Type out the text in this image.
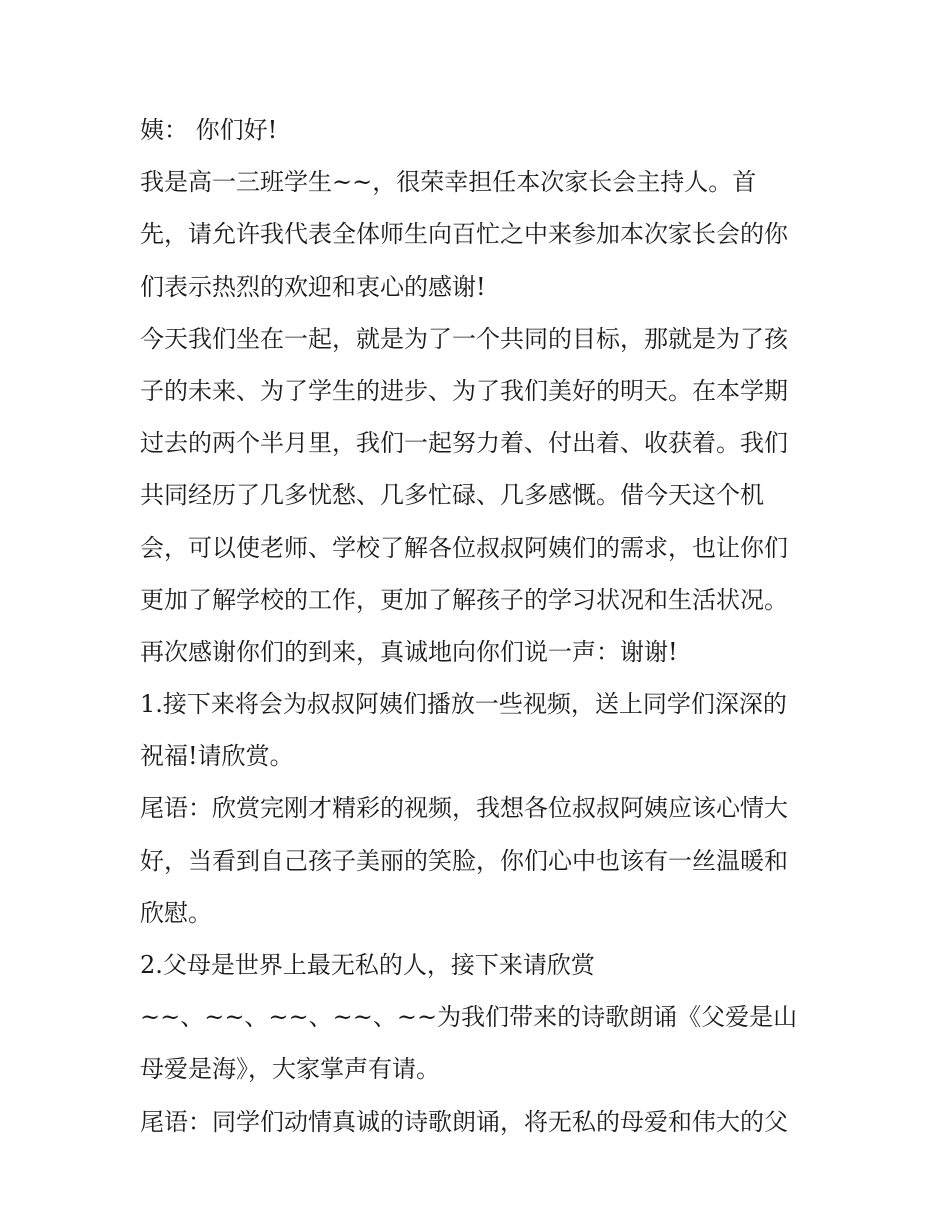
姨： 你们好!
我是高一三班学生~~，很荣幸担任本次家长会主持人。首
先，请允许我代表全体师生向百忙之中来参加本次家长会的你
们表示热烈的欢迎和衷心的感谢!
今天我们坐在一起，就是为了一个共同的目标，那就是为了孩
子的未来、为了学生的进步、为了我们美好的明天。在本学期
过去的两个半月里，我们一起努力着、付出着、收获着。我们
共同经历了几多忧愁、几多忙碌、几多感慨。借今天这个机
会，可以使老师、学校了解各位叔叔阿姨们的需求，也让你们
更加了解学校的工作，更加了解孩子的学习状况和生活状况。
再次感谢你们的到来，真诚地向你们说一声：谢谢!
1.接下来将会为叔叔阿姨们播放一些视频，送上同学们深深的
祝福!请欣赏。
尾语：欣赏完刚才精彩的视频，我想各位叔叔阿姨应该心情大
好，当看到自己孩子美丽的笑脸，你们心中也该有一丝温暖和
欣慰。
2.父母是世界上最无私的人，接下来请欣赏
~~、~~、~~、~~、~~为我们带来的诗歌朗诵《父爱是山
母爱是海》，大家掌声有请。
尾语：同学们动情真诚的诗歌朗诵，将无私的母爱和伟大的父
